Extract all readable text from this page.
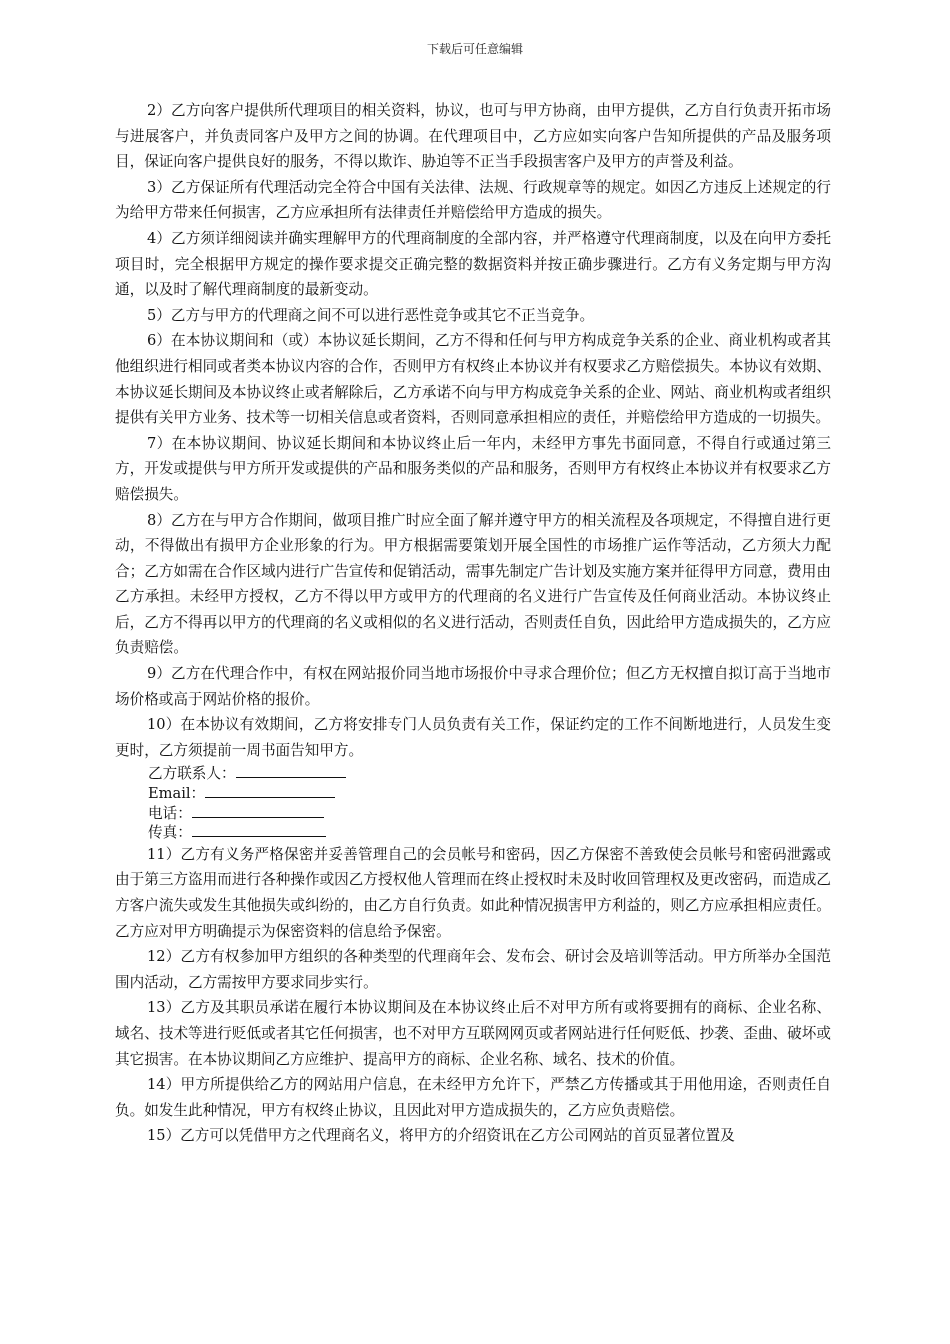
下载后可任意编辑

2）乙方向客户提供所代理项目的相关资料，协议，也可与甲方协商，由甲方提供，乙方自行负责开拓市场与进展客户，并负责同客户及甲方之间的协调。在代理项目中，乙方应如实向客户告知所提供的产品及服务项目，保证向客户提供良好的服务，不得以欺诈、胁迫等不正当手段损害客户及甲方的声誉及利益。

3）乙方保证所有代理活动完全符合中国有关法律、法规、行政规章等的规定。如因乙方违反上述规定的行为给甲方带来任何损害，乙方应承担所有法律责任并赔偿给甲方造成的损失。

4）乙方须详细阅读并确实理解甲方的代理商制度的全部内容，并严格遵守代理商制度，以及在向甲方委托项目时，完全根据甲方规定的操作要求提交正确完整的数据资料并按正确步骤进行。乙方有义务定期与甲方沟通，以及时了解代理商制度的最新变动。

5）乙方与甲方的代理商之间不可以进行恶性竞争或其它不正当竞争。

6）在本协议期间和（或）本协议延长期间，乙方不得和任何与甲方构成竞争关系的企业、商业机构或者其他组织进行相同或者类本协议内容的合作，否则甲方有权终止本协议并有权要求乙方赔偿损失。本协议有效期、本协议延长期间及本协议终止或者解除后，乙方承诺不向与甲方构成竞争关系的企业、网站、商业机构或者组织提供有关甲方业务、技术等一切相关信息或者资料，否则同意承担相应的责任，并赔偿给甲方造成的一切损失。

7）在本协议期间、协议延长期间和本协议终止后一年内，未经甲方事先书面同意，不得自行或通过第三方，开发或提供与甲方所开发或提供的产品和服务类似的产品和服务，否则甲方有权终止本协议并有权要求乙方赔偿损失。

8）乙方在与甲方合作期间，做项目推广时应全面了解并遵守甲方的相关流程及各项规定，不得擅自进行更动，不得做出有损甲方企业形象的行为。甲方根据需要策划开展全国性的市场推广运作等活动，乙方须大力配合；乙方如需在合作区域内进行广告宣传和促销活动，需事先制定广告计划及实施方案并征得甲方同意，费用由乙方承担。未经甲方授权，乙方不得以甲方或甲方的代理商的名义进行广告宣传及任何商业活动。本协议终止后，乙方不得再以甲方的代理商的名义或相似的名义进行活动，否则责任自负，因此给甲方造成损失的，乙方应负责赔偿。

9）乙方在代理合作中，有权在网站报价同当地市场报价中寻求合理价位；但乙方无权擅自拟订高于当地市场价格或高于网站价格的报价。

10）在本协议有效期间，乙方将安排专门人员负责有关工作，保证约定的工作不间断地进行，人员发生变更时，乙方须提前一周书面告知甲方。

乙方联系人：
Email：
电话：
传真：

11）乙方有义务严格保密并妥善管理自己的会员帐号和密码，因乙方保密不善致使会员帐号和密码泄露或由于第三方盗用而进行各种操作或因乙方授权他人管理而在终止授权时未及时收回管理权及更改密码，而造成乙方客户流失或发生其他损失或纠纷的，由乙方自行负责。如此种情况损害甲方利益的，则乙方应承担相应责任。乙方应对甲方明确提示为保密资料的信息给予保密。

12）乙方有权参加甲方组织的各种类型的代理商年会、发布会、研讨会及培训等活动。甲方所举办全国范围内活动，乙方需按甲方要求同步实行。

13）乙方及其职员承诺在履行本协议期间及在本协议终止后不对甲方所有或将要拥有的商标、企业名称、域名、技术等进行贬低或者其它任何损害，也不对甲方互联网网页或者网站进行任何贬低、抄袭、歪曲、破坏或其它损害。在本协议期间乙方应维护、提高甲方的商标、企业名称、域名、技术的价值。

14）甲方所提供给乙方的网站用户信息，在未经甲方允许下，严禁乙方传播或其于用他用途，否则责任自负。如发生此种情况，甲方有权终止协议，且因此对甲方造成损失的，乙方应负责赔偿。

15）乙方可以凭借甲方之代理商名义，将甲方的介绍资讯在乙方公司网站的首页显著位置及
